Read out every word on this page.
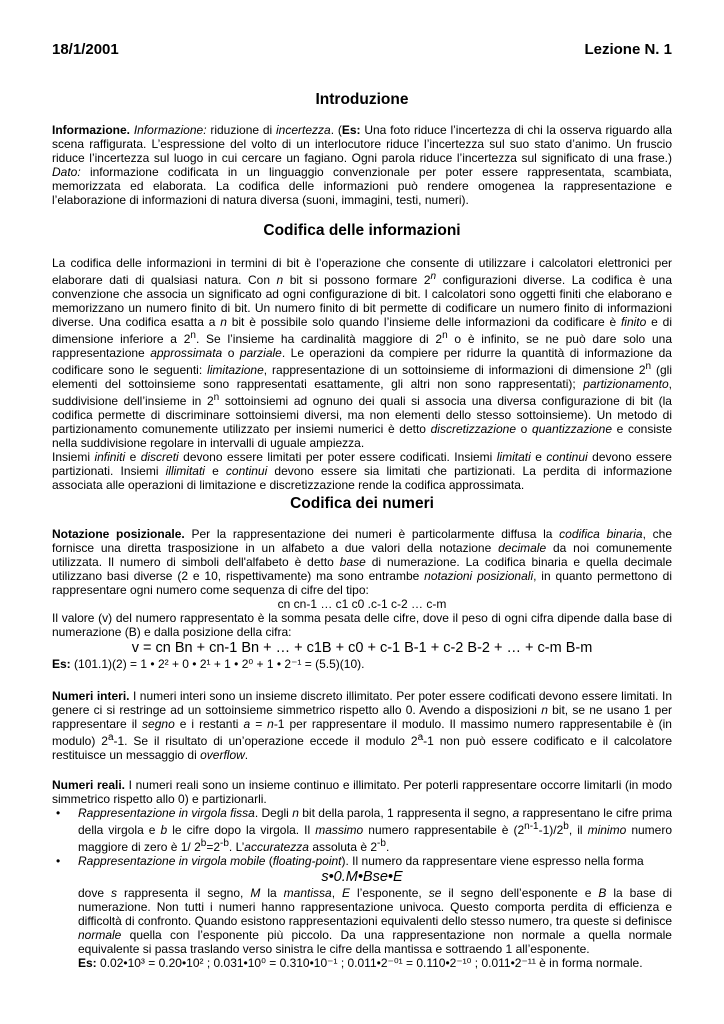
18/1/2001	Lezione N. 1
Introduzione

Informazione. Informazione: riduzione di incertezza. (Es: Una foto riduce l’incertezza di chi la osserva riguardo alla scena raffigurata. L’espressione del volto di un interlocutore riduce l’incertezza sul suo stato d’animo. Un fruscio riduce l’incertezza sul luogo in cui cercare un fagiano. Ogni parola riduce l’incertezza sul significato di una frase.) Dato: informazione codificata in un linguaggio convenzionale per poter essere rappresentata, scambiata, memorizzata ed elaborata. La codifica delle informazioni può rendere omogenea la rappresentazione e l’elaborazione di informazioni di natura diversa (suoni, immagini, testi, numeri).

Codifica delle informazioni

La codifica delle informazioni in termini di bit è l’operazione che consente di utilizzare i calcolatori elettronici per elaborare dati di qualsiasi natura. Con n bit si possono formare 2$^n$ configurazioni diverse. La codifica è una convenzione che associa un significato ad ogni configurazione di bit. I calcolatori sono oggetti finiti che elaborano e memorizzano un numero finito di bit. Un numero finito di bit permette di codificare un numero finito di informazioni diverse. Una codifica esatta a n bit è possibile solo quando l’insieme delle informazioni da codificare è finito e di dimensione inferiore a 2$^n$. Se l’insieme ha cardinalità maggiore di 2$^n$ o è infinito, se ne può dare solo una rappresentazione approssimata o parziale. Le operazioni da compiere per ridurre la quantità di informazione da codificare sono le seguenti: limitazione, rappresentazione di un sottoinsieme di informazioni di dimensione 2$^n$ (gli elementi del sottoinsieme sono rappresentati esattamente, gli altri non sono rappresentati); partizionamento, suddivisione dell’insieme in 2$^n$ sottoinsiemi ad ognuno dei quali si associa una diversa configurazione di bit (la codifica permette di discriminare sottoinsiemi diversi, ma non elementi dello stesso sottoinsieme). Un metodo di partizionamento comunemente utilizzato per insiemi numerici è detto discretizzazione o quantizzazione e consiste nella suddivisione regolare in intervalli di uguale ampiezza.

Insiemi infiniti e discreti devono essere limitati per poter essere codificati. Insiemi limitati e continui devono essere partizionati. Insiemi illimitati e continui devono essere sia limitati che partizionati. La perdita di informazione associata alle operazioni di limitazione e discretizzazione rende la codifica approssimata.

Codifica dei numeri

Notazione posizionale. Per la rappresentazione dei numeri è particolarmente diffusa la codifica binaria, che fornisce una diretta trasposizione in un alfabeto a due valori della notazione decimale da noi comunemente utilizzata. Il numero di simboli dell'alfabeto è detto base di numerazione. La codifica binaria e quella decimale utilizzano basi diverse (2 e 10, rispettivamente) ma sono entrambe notazioni posizionali, in quanto permettono di rappresentare ogni numero come sequenza di cifre del tipo:

cn cn-1 … c1 c0 .c-1 c-2 … c-m

Il valore (v) del numero rappresentato è la somma pesata delle cifre, dove il peso di ogni cifra dipende dalla base di numerazione (B) e dalla posizione della cifra:

v = cn Bn + cn-1 Bn + … + c1B + c0 + c-1 B-1 + c-2 B-2 + … + c-m B-m

Es: (101.1)(2) = 1 • 2² + 0 • 2¹ + 1 • 2⁰ + 1 • 2⁻¹ = (5.5)(10).

Numeri interi. I numeri interi sono un insieme discreto illimitato. Per poter essere codificati devono essere limitati. In genere ci si restringe ad un sottoinsieme simmetrico rispetto allo 0. Avendo a disposizioni n bit, se ne usano 1 per rappresentare il segno e i restanti a = n-1 per rappresentare il modulo. Il massimo numero rappresentabile è (in modulo) 2$^a$-1. Se il risultato di un’operazione eccede il modulo 2$^a$-1 non può essere codificato e il calcolatore restituisce un messaggio di overflow.

Numeri reali. I numeri reali sono un insieme continuo e illimitato. Per poterli rappresentare occorre limitarli (in modo simmetrico rispetto allo 0) e partizionarli.

• Rappresentazione in virgola fissa. Degli n bit della parola, 1 rappresenta il segno, a rappresentano le cifre prima della virgola e b le cifre dopo la virgola. Il massimo numero rappresentabile è (2$^{n-1}$-1)/2$^b$, il minimo numero maggiore di zero è 1/ $2^b=2^{-b}$. L’accuratezza assoluta è $2^{-b}$.
• Rappresentazione in virgola mobile (floating-point). Il numero da rappresentare viene espresso nella forma

s•0.M•Bse•E

dove s rappresenta il segno, M la mantissa, E l’esponente, se il segno dell’esponente e B la base di numerazione. Non tutti i numeri hanno rappresentazione univoca. Questo comporta perdita di efficienza e difficoltà di confronto. Quando esistono rappresentazioni equivalenti dello stesso numero, tra queste si definisce normale quella con l’esponente più piccolo. Da una rappresentazione non normale a quella normale equivalente si passa traslando verso sinistra le cifre della mantissa e sottraendo 1 all’esponente.

Es: 0.02•10³ = 0.20•10² ; 0.031•10⁰ = 0.310•10⁻¹ ; 0.011•2⁻⁰¹ = 0.110•2⁻¹⁰ ; 0.011•2⁻¹¹ è in forma normale.
